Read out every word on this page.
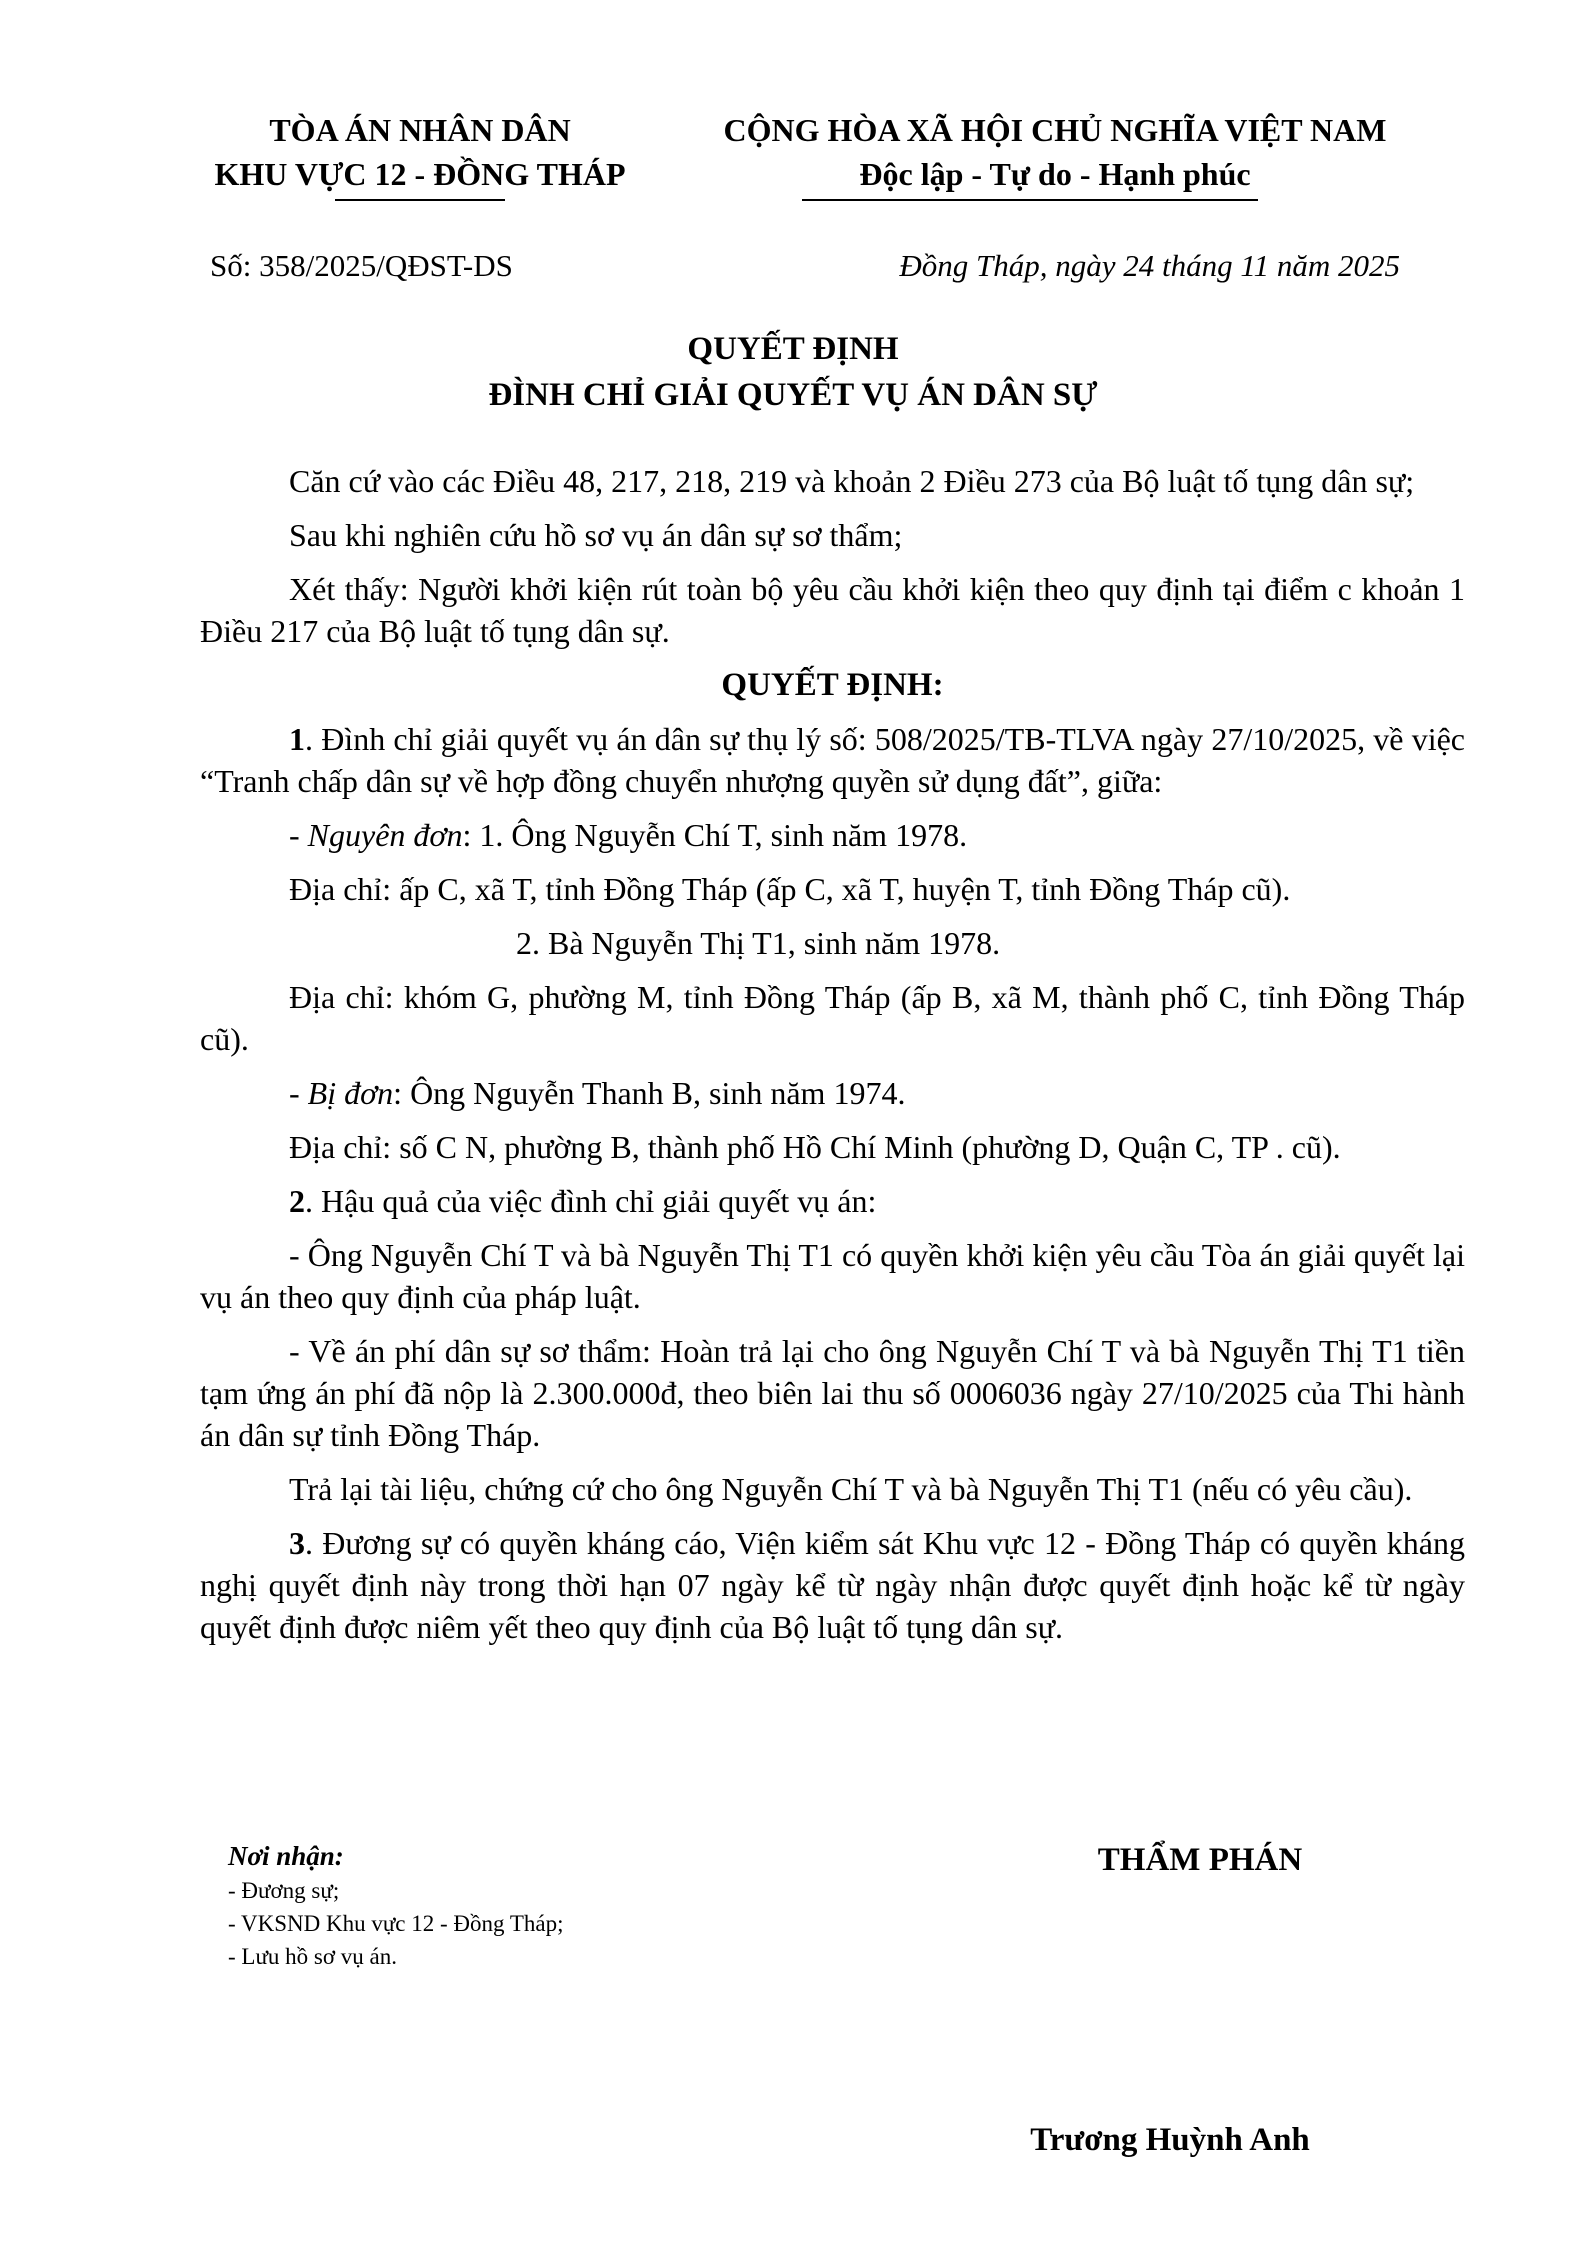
TÒA ÁN NHÂN DÂN
KHU VỰC 12 - ĐỒNG THÁP
CỘNG HÒA XÃ HỘI CHỦ NGHĨA VIỆT NAM
Độc lập - Tự do - Hạnh phúc
Số: 358/2025/QĐST-DS	Đồng Tháp, ngày 24 tháng 11 năm 2025
QUYẾT ĐỊNH
ĐÌNH CHỈ GIẢI QUYẾT VỤ ÁN DÂN SỰ

Căn cứ vào các Điều 48, 217, 218, 219 và khoản 2 Điều 273 của Bộ luật tố tụng dân sự;

Sau khi nghiên cứu hồ sơ vụ án dân sự sơ thẩm;

Xét thấy: Người khởi kiện rút toàn bộ yêu cầu khởi kiện theo quy định tại điểm c khoản 1 Điều 217 của Bộ luật tố tụng dân sự.

QUYẾT ĐỊNH:

1. Đình chỉ giải quyết vụ án dân sự thụ lý số: 508/2025/TB-TLVA ngày 27/10/2025, về việc “Tranh chấp dân sự về hợp đồng chuyển nhượng quyền sử dụng đất”, giữa:

- Nguyên đơn: 1. Ông Nguyễn Chí T, sinh năm 1978.

Địa chỉ: ấp C, xã T, tỉnh Đồng Tháp (ấp C, xã T, huyện T, tỉnh Đồng Tháp cũ).

2. Bà Nguyễn Thị T1, sinh năm 1978.

Địa chỉ: khóm G, phường M, tỉnh Đồng Tháp (ấp B, xã M, thành phố C, tỉnh Đồng Tháp cũ).

- Bị đơn: Ông Nguyễn Thanh B, sinh năm 1974.

Địa chỉ: số C N, phường B, thành phố Hồ Chí Minh (phường D, Quận C, TP . cũ).

2. Hậu quả của việc đình chỉ giải quyết vụ án:

- Ông Nguyễn Chí T và bà Nguyễn Thị T1 có quyền khởi kiện yêu cầu Tòa án giải quyết lại vụ án theo quy định của pháp luật.

- Về án phí dân sự sơ thẩm: Hoàn trả lại cho ông Nguyễn Chí T và bà Nguyễn Thị T1 tiền tạm ứng án phí đã nộp là 2.300.000đ, theo biên lai thu số 0006036 ngày 27/10/2025 của Thi hành án dân sự tỉnh Đồng Tháp.

Trả lại tài liệu, chứng cứ cho ông Nguyễn Chí T và bà Nguyễn Thị T1 (nếu có yêu cầu).

3. Đương sự có quyền kháng cáo, Viện kiểm sát Khu vực 12 - Đồng Tháp có quyền kháng nghị quyết định này trong thời hạn 07 ngày kể từ ngày nhận được quyết định hoặc kể từ ngày quyết định được niêm yết theo quy định của Bộ luật tố tụng dân sự.

Nơi nhận:
- Đương sự;
- VKSND Khu vực 12 - Đồng Tháp;
- Lưu hồ sơ vụ án.
THẨM PHÁN
Trương Huỳnh Anh
